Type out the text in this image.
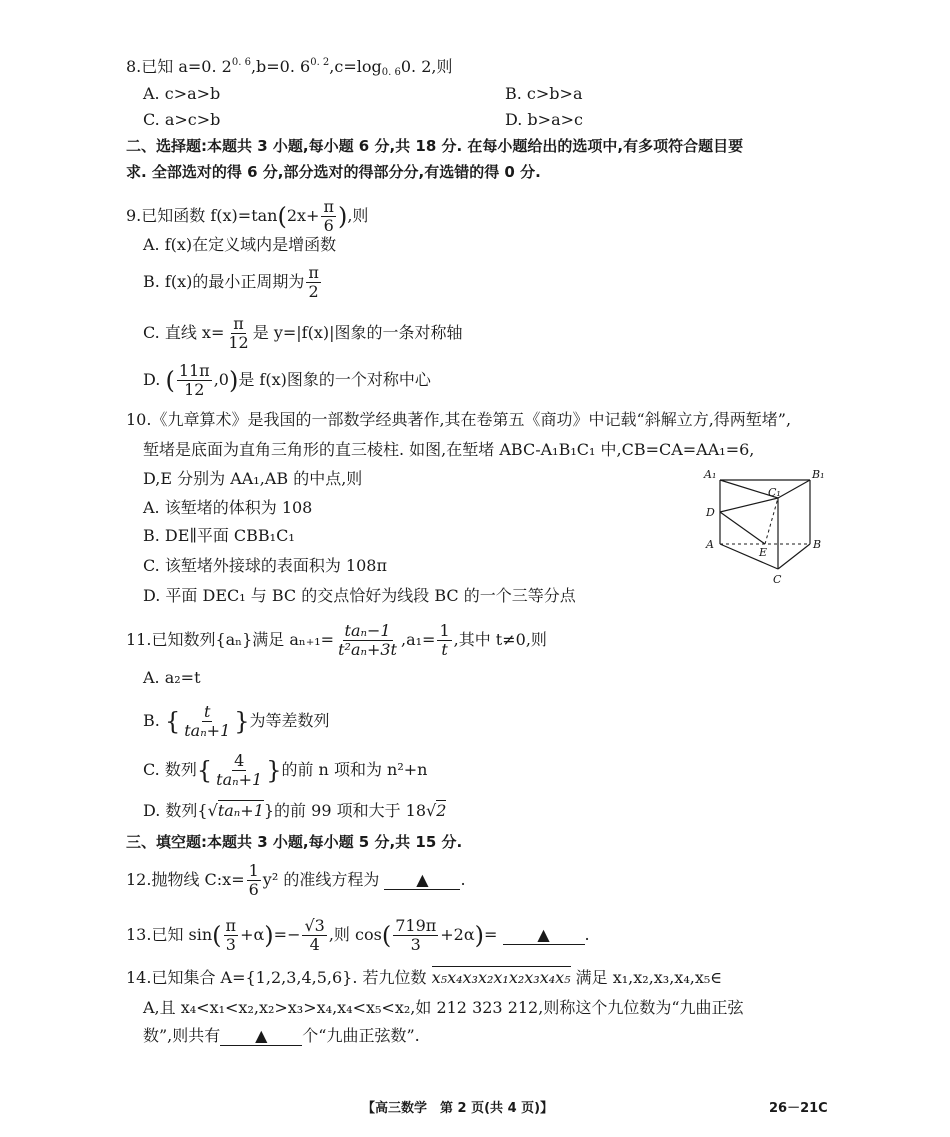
8.已知 a=0. $2^{0. 6},b=0$. $6^{0. 2},c=\log_{0. 6}0$. 2,则
A. c>a>b	B. c>b>a
C. a>c>b	D. b>a>c
二、选择题:本题共 3 小题,每小题 6 分,共 18 分. 在每小题给出的选项中,有多项符合题目要
求. 全部选对的得 6 分,部分选对的得部分分,有选错的得 0 分.
9.已知函数 $f(x)=\tan(2x+ \frac{\pi}{6}$ ),则
A. f(x)在定义域内是增函数
B. f(x)的最小正周期为 $\frac{\pi}{2}$
C. 直线 $x= \frac{\pi}{12}$ 是 y=|f(x)|图象的一条对称轴
D. ( $\frac{11\pi}{12} ,0$)是 f(x)图象的一个对称中心
10.《九章算术》是我国的一部数学经典著作,其在卷第五《商功》中记载“斜解立方,得两堑堵”,
堑堵是底面为直角三角形的直三棱柱. 如图,在堑堵 ABC-A₁B₁C₁ 中,CB=CA=AA₁=6,
D,E 分别为 AA₁,AB 的中点,则
A. 该堑堵的体积为 108
B. DE∥平面 CBB₁C₁
C. 该堑堵外接球的表面积为 108π
D. 平面 DEC₁ 与 BC 的交点恰好为线段 BC 的一个三等分点
A₁	B₁
C₁
D
A
E
B
C
11.已知数列{aₙ}满足 aₙ₊₁= taₙ−1
t²aₙ+3t
$,a_1= \frac{1}{t}$ ,其中 t≠0,则
A. a₂=t
B. { t
taₙ+1 }为等差数列
C. 数列{ 4
taₙ+1 }的前 n 项和为 n²+n
D. 数列{√taₙ+1}的前 99 项和大于 18√2
三、填空题:本题共 3 小题,每小题 5 分,共 15 分.
12.抛物线 C:x= $\frac{1}{6} y^2$ 的准线方程为 ▲ .
13.已知 $\sin( \frac{\pi}{3} +\alpha)=- \frac{√3}{4}$ ,则 $\cos( \frac{719\pi}{3} +2\alpha)=$ ▲ .
14.已知集合 A={1,2,3,4,5,6}. 若九位数 x₅x₄x₃x₂x₁x₂x₃x₄x₅ 满足 x₁,x₂,x₃,x₄,x₅∈
A,且 x₄<x₁<x₂,x₂>x₃>x₄,x₄<x₅<x₂,如 212 323 212,则称这个九位数为“九曲正弦
数”,则共有 ▲ 个“九曲正弦数”.
【高三数学　第 2 页(共 4 页)】	26－21C
